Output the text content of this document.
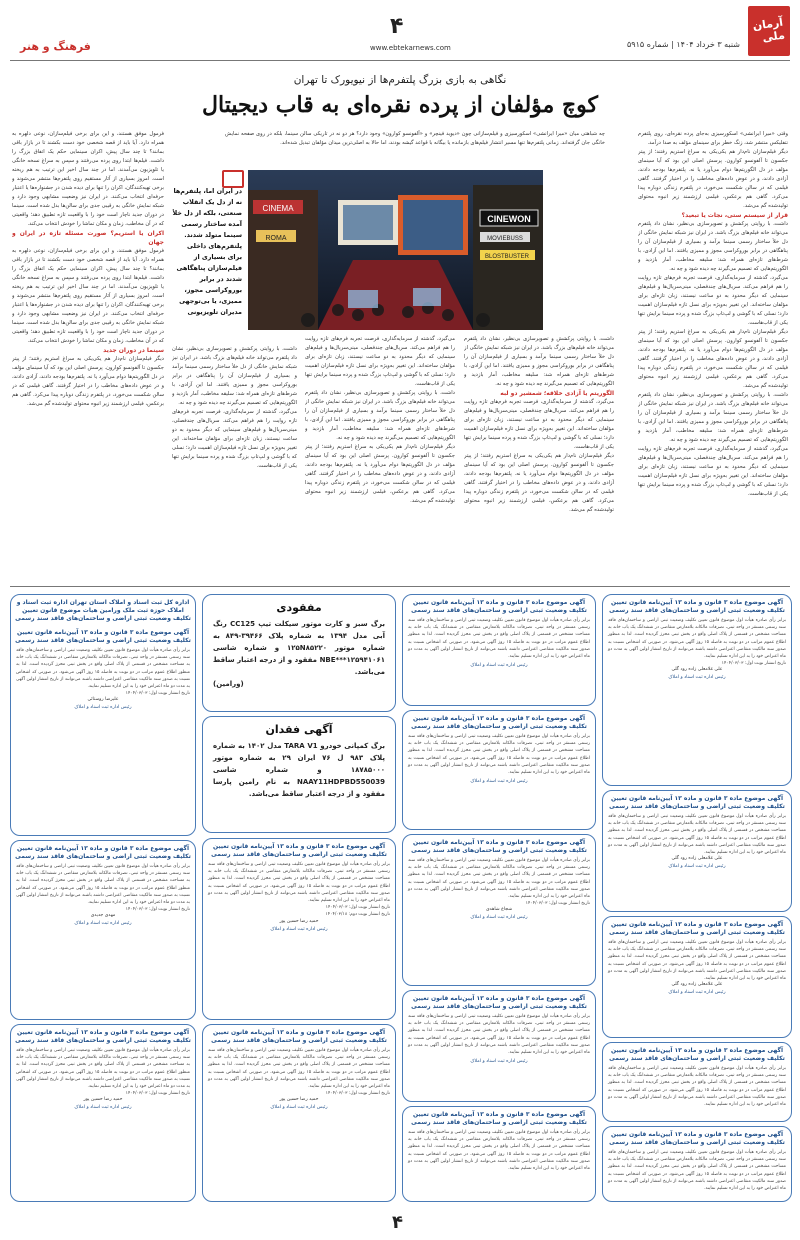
آرمان ملی
شنبه ۳ خرداد ۱۴۰۴ | شماره ۵۹۱۵
۴
www.ebtekarnews.com
فرهنگ و هنر
نگاهی به بازی بزرگ پلتفرم‌ها از نیویورک تا تهران
کوچ مؤلفان از پرده نقره‌ای به قاب دیجیتال
چه شباهتی میان «میرا ایرانشی» اسکورسیزی و فیلم‌سازانی چون «دیوید فینچر» و «آلفونسو کوارون» وجود دارد؟ هر دو نه در تاریکی سالن سینما، بلکه در روی صفحه نمایش خانگی جان گرفته‌اند. زمانی پلتفرم‌ها تنها مسیر انتشار فیلم‌های بازمانده یا بیگانه با قواعد گیشه بودند، اما حالا به اصلی‌ترین میدان مؤلفان تبدیل شده‌اند.
وقتی «میرا ایرانشی» اسکورسیزی به‌جای پرده نقره‌ای، روی پلتفرم نتفلیکس منتشر شد، زنگ خطر برای سینمای مؤلف به صدا درآمد.
دیگر فیلم‌سازان نام‌دار هم یکی‌یکی به سراغ استریم رفتند؛ از پیتر جکسون تا آلفونسو کوارون. پرسش اصلی این بود که آیا سینمای مؤلف در دل الگوریتم‌ها دوام می‌آورد یا نه. پلتفرم‌ها بودجه دادند، آزادی دادند، و در عوض داده‌های مخاطب را در اختیار گرفتند. گاهی فیلمی که در سالن شکست می‌خورد، در پلتفرم زندگی دوباره پیدا می‌کرد. گاهی هم برعکس، فیلمی ارزشمند زیر انبوه محتوای تولیدشده گم می‌شد.
قرار از سیستم ستی، نجات یا تبعید؟
داشت، با روایتی پرکشش و تصویرسازی بی‌نظیر، نشان داد پلتفرم می‌تواند خانه فیلم‌های بزرگ باشد. در ایران نیز شبکه نمایش خانگی از دل خلأ ساختار رسمی سینما برآمد و بسیاری از فیلم‌سازان آن را پناهگاهی در برابر بوروکراسی مجوز و ممیزی یافتند. اما این آزادی، با شرط‌های تازه‌ای همراه شد: سلیقه مخاطب، آمار بازدید و الگوریتم‌هایی که تصمیم می‌گیرند چه دیده شود و چه نه.
می‌گیرد، گذشته از سرمایه‌گذاری، فرصت تجربه فرم‌های تازه روایت را هم فراهم می‌کند. سریال‌های چندفصلی، مینی‌سریال‌ها و فیلم‌های سینمایی که دیگر محدود به دو ساعت نیستند، زبان تازه‌ای برای مؤلفان ساخته‌اند. این تغییر به‌ویژه برای نسل تازه فیلم‌سازان اهمیت دارد؛ نسلی که با گوشی و لپ‌تاپ بزرگ شده و پرده سینما برایش تنها یکی از قاب‌هاست.
دیگر فیلم‌سازان نام‌دار هم یکی‌یکی به سراغ استریم رفتند؛ از پیتر جکسون تا آلفونسو کوارون. پرسش اصلی این بود که آیا سینمای مؤلف در دل الگوریتم‌ها دوام می‌آورد یا نه. پلتفرم‌ها بودجه دادند، آزادی دادند، و در عوض داده‌های مخاطب را در اختیار گرفتند. گاهی فیلمی که در سالن شکست می‌خورد، در پلتفرم زندگی دوباره پیدا می‌کرد. گاهی هم برعکس، فیلمی ارزشمند زیر انبوه محتوای تولیدشده گم می‌شد.
داشت، با روایتی پرکشش و تصویرسازی بی‌نظیر، نشان داد پلتفرم می‌تواند خانه فیلم‌های بزرگ باشد. در ایران نیز شبکه نمایش خانگی از دل خلأ ساختار رسمی سینما برآمد و بسیاری از فیلم‌سازان آن را پناهگاهی در برابر بوروکراسی مجوز و ممیزی یافتند. اما این آزادی، با شرط‌های تازه‌ای همراه شد: سلیقه مخاطب، آمار بازدید و الگوریتم‌هایی که تصمیم می‌گیرند چه دیده شود و چه نه.
می‌گیرد، گذشته از سرمایه‌گذاری، فرصت تجربه فرم‌های تازه روایت را هم فراهم می‌کند. سریال‌های چندفصلی، مینی‌سریال‌ها و فیلم‌های سینمایی که دیگر محدود به دو ساعت نیستند، زبان تازه‌ای برای مؤلفان ساخته‌اند. این تغییر به‌ویژه برای نسل تازه فیلم‌سازان اهمیت دارد؛ نسلی که با گوشی و لپ‌تاپ بزرگ شده و پرده سینما برایش تنها یکی از قاب‌هاست.
CINEWON
MOVIEBUSS
BLOSTBUSTER
CINEMA
ROMA
در ایران اما، پلتفرم‌ها نه از دل یک انقلاب صنعتی، بلکه از دل خلأ آمده ساختار رسمی سینما متولد شدند. پلتفرم‌های داخلی برای بسیاری از فیلم‌سازان پناهگاهی شدند در برابر بوروکراسی مجوز، ممیزی، یا بی‌توجهی مدیران تلویزیونی
داشت، با روایتی پرکشش و تصویرسازی بی‌نظیر، نشان داد پلتفرم می‌تواند خانه فیلم‌های بزرگ باشد. در ایران نیز شبکه نمایش خانگی از دل خلأ ساختار رسمی سینما برآمد و بسیاری از فیلم‌سازان آن را پناهگاهی در برابر بوروکراسی مجوز و ممیزی یافتند. اما این آزادی، با شرط‌های تازه‌ای همراه شد: سلیقه مخاطب، آمار بازدید و الگوریتم‌هایی که تصمیم می‌گیرند چه دیده شود و چه نه.
الگوریتم یا آزادی خلاقه؛ شمشیر دو لبه
می‌گیرد، گذشته از سرمایه‌گذاری، فرصت تجربه فرم‌های تازه روایت را هم فراهم می‌کند. سریال‌های چندفصلی، مینی‌سریال‌ها و فیلم‌های سینمایی که دیگر محدود به دو ساعت نیستند، زبان تازه‌ای برای مؤلفان ساخته‌اند. این تغییر به‌ویژه برای نسل تازه فیلم‌سازان اهمیت دارد؛ نسلی که با گوشی و لپ‌تاپ بزرگ شده و پرده سینما برایش تنها یکی از قاب‌هاست.
دیگر فیلم‌سازان نام‌دار هم یکی‌یکی به سراغ استریم رفتند؛ از پیتر جکسون تا آلفونسو کوارون. پرسش اصلی این بود که آیا سینمای مؤلف در دل الگوریتم‌ها دوام می‌آورد یا نه. پلتفرم‌ها بودجه دادند، آزادی دادند، و در عوض داده‌های مخاطب را در اختیار گرفتند. گاهی فیلمی که در سالن شکست می‌خورد، در پلتفرم زندگی دوباره پیدا می‌کرد. گاهی هم برعکس، فیلمی ارزشمند زیر انبوه محتوای تولیدشده گم می‌شد.
می‌گیرد، گذشته از سرمایه‌گذاری، فرصت تجربه فرم‌های تازه روایت را هم فراهم می‌کند. سریال‌های چندفصلی، مینی‌سریال‌ها و فیلم‌های سینمایی که دیگر محدود به دو ساعت نیستند، زبان تازه‌ای برای مؤلفان ساخته‌اند. این تغییر به‌ویژه برای نسل تازه فیلم‌سازان اهمیت دارد؛ نسلی که با گوشی و لپ‌تاپ بزرگ شده و پرده سینما برایش تنها یکی از قاب‌هاست.
داشت، با روایتی پرکشش و تصویرسازی بی‌نظیر، نشان داد پلتفرم می‌تواند خانه فیلم‌های بزرگ باشد. در ایران نیز شبکه نمایش خانگی از دل خلأ ساختار رسمی سینما برآمد و بسیاری از فیلم‌سازان آن را پناهگاهی در برابر بوروکراسی مجوز و ممیزی یافتند. اما این آزادی، با شرط‌های تازه‌ای همراه شد: سلیقه مخاطب، آمار بازدید و الگوریتم‌هایی که تصمیم می‌گیرند چه دیده شود و چه نه.
دیگر فیلم‌سازان نام‌دار هم یکی‌یکی به سراغ استریم رفتند؛ از پیتر جکسون تا آلفونسو کوارون. پرسش اصلی این بود که آیا سینمای مؤلف در دل الگوریتم‌ها دوام می‌آورد یا نه. پلتفرم‌ها بودجه دادند، آزادی دادند، و در عوض داده‌های مخاطب را در اختیار گرفتند. گاهی فیلمی که در سالن شکست می‌خورد، در پلتفرم زندگی دوباره پیدا می‌کرد. گاهی هم برعکس، فیلمی ارزشمند زیر انبوه محتوای تولیدشده گم می‌شد.
داشت، با روایتی پرکشش و تصویرسازی بی‌نظیر، نشان داد پلتفرم می‌تواند خانه فیلم‌های بزرگ باشد. در ایران نیز شبکه نمایش خانگی از دل خلأ ساختار رسمی سینما برآمد و بسیاری از فیلم‌سازان آن را پناهگاهی در برابر بوروکراسی مجوز و ممیزی یافتند. اما این آزادی، با شرط‌های تازه‌ای همراه شد: سلیقه مخاطب، آمار بازدید و الگوریتم‌هایی که تصمیم می‌گیرند چه دیده شود و چه نه.
می‌گیرد، گذشته از سرمایه‌گذاری، فرصت تجربه فرم‌های تازه روایت را هم فراهم می‌کند. سریال‌های چندفصلی، مینی‌سریال‌ها و فیلم‌های سینمایی که دیگر محدود به دو ساعت نیستند، زبان تازه‌ای برای مؤلفان ساخته‌اند. این تغییر به‌ویژه برای نسل تازه فیلم‌سازان اهمیت دارد؛ نسلی که با گوشی و لپ‌تاپ بزرگ شده و پرده سینما برایش تنها یکی از قاب‌هاست.
فرمول موفق هستند، و این برای برخی فیلم‌سازان، نوعی دلهره به همراه دارد. آیا باید از قصه شخصی خود دست بکشند تا در بازار باقی بمانند؟ تا چند سال پیش، اکران سینمایی حکم یک اتفاق بزرگ را داشت. فیلم‌ها ابتدا روی پرده می‌رفتند و سپس به سراغ نسخه خانگی یا تلویزیون می‌آمدند. اما در چند سال اخیر این ترتیب به هم ریخته است. امروز بسیاری از آثار مستقیم روی پلتفرم‌ها منتشر می‌شوند و برخی تهیه‌کنندگان، اکران را تنها برای دیده شدن در جشنواره‌ها یا اعتبار حرفه‌ای انتخاب می‌کنند. در ایران نیز وضعیت مشابهی وجود دارد و شبکه نمایش خانگی به رقیبی جدی برای سالن‌ها بدل شده است. سینما در دوران جدید ناچار است خود را با واقعیت تازه تطبیق دهد؛ واقعیتی که در آن مخاطب، زمان و مکان تماشا را خودش انتخاب می‌کند.
اکران یا استریم؟ صورت مسئله تازه در ایران و جهان
فرمول موفق هستند، و این برای برخی فیلم‌سازان، نوعی دلهره به همراه دارد. آیا باید از قصه شخصی خود دست بکشند تا در بازار باقی بمانند؟ تا چند سال پیش، اکران سینمایی حکم یک اتفاق بزرگ را داشت. فیلم‌ها ابتدا روی پرده می‌رفتند و سپس به سراغ نسخه خانگی یا تلویزیون می‌آمدند. اما در چند سال اخیر این ترتیب به هم ریخته است. امروز بسیاری از آثار مستقیم روی پلتفرم‌ها منتشر می‌شوند و برخی تهیه‌کنندگان، اکران را تنها برای دیده شدن در جشنواره‌ها یا اعتبار حرفه‌ای انتخاب می‌کنند. در ایران نیز وضعیت مشابهی وجود دارد و شبکه نمایش خانگی به رقیبی جدی برای سالن‌ها بدل شده است. سینما در دوران جدید ناچار است خود را با واقعیت تازه تطبیق دهد؛ واقعیتی که در آن مخاطب، زمان و مکان تماشا را خودش انتخاب می‌کند.
سینما در دوران جدید
دیگر فیلم‌سازان نام‌دار هم یکی‌یکی به سراغ استریم رفتند؛ از پیتر جکسون تا آلفونسو کوارون. پرسش اصلی این بود که آیا سینمای مؤلف در دل الگوریتم‌ها دوام می‌آورد یا نه. پلتفرم‌ها بودجه دادند، آزادی دادند، و در عوض داده‌های مخاطب را در اختیار گرفتند. گاهی فیلمی که در سالن شکست می‌خورد، در پلتفرم زندگی دوباره پیدا می‌کرد. گاهی هم برعکس، فیلمی ارزشمند زیر انبوه محتوای تولیدشده گم می‌شد.
آگهی موضوع ماده ۳ قانون و ماده ۱۳ آیین‌نامه قانون تعیین تکلیف وضعیت ثبتی اراضی و ساختمان‌های فاقد سند رسمی
برابر رأی صادره هیأت اول موضوع قانون تعیین تکلیف وضعیت ثبتی اراضی و ساختمان‌های فاقد سند رسمی مستقر در واحد ثبتی، تصرفات مالکانه بلامعارض متقاضی در ششدانگ یک باب خانه به مساحت مشخص در قسمتی از پلاک اصلی واقع در بخش ثبتی محرز گردیده است. لذا به منظور اطلاع عموم مراتب در دو نوبت به فاصله ۱۵ روز آگهی می‌شود. در صورتی که اشخاص نسبت به صدور سند مالکیت متقاضی اعتراضی داشته باشند می‌توانند از تاریخ انتشار اولین آگهی به مدت دو ماه اعتراض خود را به این اداره تسلیم نمایند.
تاریخ انتشار نوبت اول: ۱۴۰۴/۰۳/۰۳
علی غلامعلی زاده رود گلی
رئیس اداره ثبت اسناد و املاک
آگهی موضوع ماده ۳ قانون و ماده ۱۳ آیین‌نامه قانون تعیین تکلیف وضعیت ثبتی اراضی و ساختمان‌های فاقد سند رسمی
برابر رأی صادره هیأت اول موضوع قانون تعیین تکلیف وضعیت ثبتی اراضی و ساختمان‌های فاقد سند رسمی مستقر در واحد ثبتی، تصرفات مالکانه بلامعارض متقاضی در ششدانگ یک باب خانه به مساحت مشخص در قسمتی از پلاک اصلی واقع در بخش ثبتی محرز گردیده است. لذا به منظور اطلاع عموم مراتب در دو نوبت به فاصله ۱۵ روز آگهی می‌شود. در صورتی که اشخاص نسبت به صدور سند مالکیت متقاضی اعتراضی داشته باشند می‌توانند از تاریخ انتشار اولین آگهی به مدت دو ماه اعتراض خود را به این اداره تسلیم نمایند.
رئیس اداره ثبت اسناد و املاک
آگهی موضوع ماده ۳ قانون و ماده ۱۳ آیین‌نامه قانون تعیین تکلیف وضعیت ثبتی اراضی و ساختمان‌های فاقد سند رسمی
برابر رأی صادره هیأت اول موضوع قانون تعیین تکلیف وضعیت ثبتی اراضی و ساختمان‌های فاقد سند رسمی مستقر در واحد ثبتی، تصرفات مالکانه بلامعارض متقاضی در ششدانگ یک باب خانه به مساحت مشخص در قسمتی از پلاک اصلی واقع در بخش ثبتی محرز گردیده است. لذا به منظور اطلاع عموم مراتب در دو نوبت به فاصله ۱۵ روز آگهی می‌شود. در صورتی که اشخاص نسبت به صدور سند مالکیت متقاضی اعتراضی داشته باشند می‌توانند از تاریخ انتشار اولین آگهی به مدت دو ماه اعتراض خود را به این اداره تسلیم نمایند.
رئیس اداره ثبت اسناد و املاک
مفقودی
برگ سبز و کارت موتور سیکلت تیپ CC125 رنگ آبی مدل ۱۳۹۴ به شماره پلاک ۳۹۴۶۶-۸۴۹ به شماره موتور ۱۲۵N۸۵۲۲۰ و شماره شاسی NBE***۱۲۵۹۴۱۰۶۱ مفقود و از درجه اعتبار ساقط می‌باشد.
(ورامین)
آگهی فقدان
برگ کمپانی خودرو TARA V1 مدل ۱۴۰۲ به شماره پلاک ۹۸۳ ل ۷۶ ایران ۲۹ به شماره موتور ۱۸۷۸۵۰۰۰ و شماره شاسی NAAY11HDPBD550039 به نام رامین پارسا مفقود و از درجه اعتبار ساقط می‌باشد.
اداره کل ثبت اسناد و املاک استان تهران اداره ثبت اسناد و املاک حوزه ثبت ملک ورامین هیات موضوع قانون تعیین تکلیف وضعیت ثبتی اراضی و ساختمان‌های فاقد سند رسمی
آگهی موضوع ماده ۳ قانون و ماده ۱۳ آیین‌نامه قانون تعیین تکلیف وضعیت ثبتی اراضی و ساختمان‌های فاقد سند رسمی
برابر رأی صادره هیأت اول موضوع قانون تعیین تکلیف وضعیت ثبتی اراضی و ساختمان‌های فاقد سند رسمی مستقر در واحد ثبتی، تصرفات مالکانه بلامعارض متقاضی در ششدانگ یک باب خانه به مساحت مشخص در قسمتی از پلاک اصلی واقع در بخش ثبتی محرز گردیده است. لذا به منظور اطلاع عموم مراتب در دو نوبت به فاصله ۱۵ روز آگهی می‌شود. در صورتی که اشخاص نسبت به صدور سند مالکیت متقاضی اعتراضی داشته باشند می‌توانند از تاریخ انتشار اولین آگهی به مدت دو ماه اعتراض خود را به این اداره تسلیم نمایند.
تاریخ انتشار نوبت اول: ۱۴۰۴/۰۳/۰۳
علیرضا روستائی
رئیس اداره ثبت اسناد و املاک
آگهی موضوع ماده ۳ قانون و ماده ۱۳ آیین‌نامه قانون تعیین تکلیف وضعیت ثبتی اراضی و ساختمان‌های فاقد سند رسمی
برابر رأی صادره هیأت اول موضوع قانون تعیین تکلیف وضعیت ثبتی اراضی و ساختمان‌های فاقد سند رسمی مستقر در واحد ثبتی، تصرفات مالکانه بلامعارض متقاضی در ششدانگ یک باب خانه به مساحت مشخص در قسمتی از پلاک اصلی واقع در بخش ثبتی محرز گردیده است. لذا به منظور اطلاع عموم مراتب در دو نوبت به فاصله ۱۵ روز آگهی می‌شود. در صورتی که اشخاص نسبت به صدور سند مالکیت متقاضی اعتراضی داشته باشند می‌توانند از تاریخ انتشار اولین آگهی به مدت دو ماه اعتراض خود را به این اداره تسلیم نمایند.
علی غلامعلی زاده رود گلی
رئیس اداره ثبت اسناد و املاک
آگهی موضوع ماده ۳ قانون و ماده ۱۳ آیین‌نامه قانون تعیین تکلیف وضعیت ثبتی اراضی و ساختمان‌های فاقد سند رسمی
برابر رأی صادره هیأت اول موضوع قانون تعیین تکلیف وضعیت ثبتی اراضی و ساختمان‌های فاقد سند رسمی مستقر در واحد ثبتی، تصرفات مالکانه بلامعارض متقاضی در ششدانگ یک باب خانه به مساحت مشخص در قسمتی از پلاک اصلی واقع در بخش ثبتی محرز گردیده است. لذا به منظور اطلاع عموم مراتب در دو نوبت به فاصله ۱۵ روز آگهی می‌شود. در صورتی که اشخاص نسبت به صدور سند مالکیت متقاضی اعتراضی داشته باشند می‌توانند از تاریخ انتشار اولین آگهی به مدت دو ماه اعتراض خود را به این اداره تسلیم نمایند.
تاریخ انتشار نوبت اول: ۱۴۰۴/۰۳/۰۳
شجاع شاهدی
رئیس اداره ثبت اسناد و املاک
آگهی موضوع ماده ۳ قانون و ماده ۱۳ آیین‌نامه قانون تعیین تکلیف وضعیت ثبتی اراضی و ساختمان‌های فاقد سند رسمی
برابر رأی صادره هیأت اول موضوع قانون تعیین تکلیف وضعیت ثبتی اراضی و ساختمان‌های فاقد سند رسمی مستقر در واحد ثبتی، تصرفات مالکانه بلامعارض متقاضی در ششدانگ یک باب خانه به مساحت مشخص در قسمتی از پلاک اصلی واقع در بخش ثبتی محرز گردیده است. لذا به منظور اطلاع عموم مراتب در دو نوبت به فاصله ۱۵ روز آگهی می‌شود. در صورتی که اشخاص نسبت به صدور سند مالکیت متقاضی اعتراضی داشته باشند می‌توانند از تاریخ انتشار اولین آگهی به مدت دو ماه اعتراض خود را به این اداره تسلیم نمایند.
تاریخ انتشار نوبت اول: ۱۴۰۴/۰۳/۰۳
تاریخ انتشار نوبت دوم: ۱۴۰۴/۰۳/۱۸
حمید رضا حسین پور
رئیس اداره ثبت اسناد و املاک
آگهی موضوع ماده ۳ قانون و ماده ۱۳ آیین‌نامه قانون تعیین تکلیف وضعیت ثبتی اراضی و ساختمان‌های فاقد سند رسمی
برابر رأی صادره هیأت اول موضوع قانون تعیین تکلیف وضعیت ثبتی اراضی و ساختمان‌های فاقد سند رسمی مستقر در واحد ثبتی، تصرفات مالکانه بلامعارض متقاضی در ششدانگ یک باب خانه به مساحت مشخص در قسمتی از پلاک اصلی واقع در بخش ثبتی محرز گردیده است. لذا به منظور اطلاع عموم مراتب در دو نوبت به فاصله ۱۵ روز آگهی می‌شود. در صورتی که اشخاص نسبت به صدور سند مالکیت متقاضی اعتراضی داشته باشند می‌توانند از تاریخ انتشار اولین آگهی به مدت دو ماه اعتراض خود را به این اداره تسلیم نمایند.
تاریخ انتشار نوبت اول: ۱۴۰۴/۰۳/۰۳
مهدی جدیدی
رئیس اداره ثبت اسناد و املاک	آگهی موضوع ماده ۳ قانون و ماده ۱۳ آیین‌نامه قانون تعیین تکلیف وضعیت ثبتی اراضی و ساختمان‌های فاقد سند رسمی
برابر رأی صادره هیأت اول موضوع قانون تعیین تکلیف وضعیت ثبتی اراضی و ساختمان‌های فاقد سند رسمی مستقر در واحد ثبتی، تصرفات مالکانه بلامعارض متقاضی در ششدانگ یک باب خانه به مساحت مشخص در قسمتی از پلاک اصلی واقع در بخش ثبتی محرز گردیده است. لذا به منظور اطلاع عموم مراتب در دو نوبت به فاصله ۱۵ روز آگهی می‌شود. در صورتی که اشخاص نسبت به صدور سند مالکیت متقاضی اعتراضی داشته باشند می‌توانند از تاریخ انتشار اولین آگهی به مدت دو ماه اعتراض خود را به این اداره تسلیم نمایند.
علی غلامعلی زاده رود گلی
رئیس اداره ثبت اسناد و املاک
آگهی موضوع ماده ۳ قانون و ماده ۱۳ آیین‌نامه قانون تعیین تکلیف وضعیت ثبتی اراضی و ساختمان‌های فاقد سند رسمی
برابر رأی صادره هیأت اول موضوع قانون تعیین تکلیف وضعیت ثبتی اراضی و ساختمان‌های فاقد سند رسمی مستقر در واحد ثبتی، تصرفات مالکانه بلامعارض متقاضی در ششدانگ یک باب خانه به مساحت مشخص در قسمتی از پلاک اصلی واقع در بخش ثبتی محرز گردیده است. لذا به منظور اطلاع عموم مراتب در دو نوبت به فاصله ۱۵ روز آگهی می‌شود. در صورتی که اشخاص نسبت به صدور سند مالکیت متقاضی اعتراضی داشته باشند می‌توانند از تاریخ انتشار اولین آگهی به مدت دو ماه اعتراض خود را به این اداره تسلیم نمایند.
رئیس اداره ثبت اسناد و املاک
آگهی موضوع ماده ۳ قانون و ماده ۱۳ آیین‌نامه قانون تعیین تکلیف وضعیت ثبتی اراضی و ساختمان‌های فاقد سند رسمی
برابر رأی صادره هیأت اول موضوع قانون تعیین تکلیف وضعیت ثبتی اراضی و ساختمان‌های فاقد سند رسمی مستقر در واحد ثبتی، تصرفات مالکانه بلامعارض متقاضی در ششدانگ یک باب خانه به مساحت مشخص در قسمتی از پلاک اصلی واقع در بخش ثبتی محرز گردیده است. لذا به منظور اطلاع عموم مراتب در دو نوبت به فاصله ۱۵ روز آگهی می‌شود. در صورتی که اشخاص نسبت به صدور سند مالکیت متقاضی اعتراضی داشته باشند می‌توانند از تاریخ انتشار اولین آگهی به مدت دو ماه اعتراض خود را به این اداره تسلیم نمایند.
تاریخ انتشار نوبت اول: ۱۴۰۴/۰۳/۰۳
حمید رضا حسین پور
رئیس اداره ثبت اسناد و املاک
آگهی موضوع ماده ۳ قانون و ماده ۱۳ آیین‌نامه قانون تعیین تکلیف وضعیت ثبتی اراضی و ساختمان‌های فاقد سند رسمی
برابر رأی صادره هیأت اول موضوع قانون تعیین تکلیف وضعیت ثبتی اراضی و ساختمان‌های فاقد سند رسمی مستقر در واحد ثبتی، تصرفات مالکانه بلامعارض متقاضی در ششدانگ یک باب خانه به مساحت مشخص در قسمتی از پلاک اصلی واقع در بخش ثبتی محرز گردیده است. لذا به منظور اطلاع عموم مراتب در دو نوبت به فاصله ۱۵ روز آگهی می‌شود. در صورتی که اشخاص نسبت به صدور سند مالکیت متقاضی اعتراضی داشته باشند می‌توانند از تاریخ انتشار اولین آگهی به مدت دو ماه اعتراض خود را به این اداره تسلیم نمایند.
تاریخ انتشار نوبت اول: ۱۴۰۴/۰۳/۰۳
حمید رضا حسین پور
رئیس اداره ثبت اسناد و املاک
آگهی موضوع ماده ۳ قانون و ماده ۱۳ آیین‌نامه قانون تعیین تکلیف وضعیت ثبتی اراضی و ساختمان‌های فاقد سند رسمی
برابر رأی صادره هیأت اول موضوع قانون تعیین تکلیف وضعیت ثبتی اراضی و ساختمان‌های فاقد سند رسمی مستقر در واحد ثبتی، تصرفات مالکانه بلامعارض متقاضی در ششدانگ یک باب خانه به مساحت مشخص در قسمتی از پلاک اصلی واقع در بخش ثبتی محرز گردیده است. لذا به منظور اطلاع عموم مراتب در دو نوبت به فاصله ۱۵ روز آگهی می‌شود. در صورتی که اشخاص نسبت به صدور سند مالکیت متقاضی اعتراضی داشته باشند می‌توانند از تاریخ انتشار اولین آگهی به مدت دو ماه اعتراض خود را به این اداره تسلیم نمایند.
آگهی موضوع ماده ۳ قانون و ماده ۱۳ آیین‌نامه قانون تعیین تکلیف وضعیت ثبتی اراضی و ساختمان‌های فاقد سند رسمی
برابر رأی صادره هیأت اول موضوع قانون تعیین تکلیف وضعیت ثبتی اراضی و ساختمان‌های فاقد سند رسمی مستقر در واحد ثبتی، تصرفات مالکانه بلامعارض متقاضی در ششدانگ یک باب خانه به مساحت مشخص در قسمتی از پلاک اصلی واقع در بخش ثبتی محرز گردیده است. لذا به منظور اطلاع عموم مراتب در دو نوبت به فاصله ۱۵ روز آگهی می‌شود. در صورتی که اشخاص نسبت به صدور سند مالکیت متقاضی اعتراضی داشته باشند می‌توانند از تاریخ انتشار اولین آگهی به مدت دو ماه اعتراض خود را به این اداره تسلیم نمایند.
آگهی موضوع ماده ۳ قانون و ماده ۱۳ آیین‌نامه قانون تعیین تکلیف وضعیت ثبتی اراضی و ساختمان‌های فاقد سند رسمی
برابر رأی صادره هیأت اول موضوع قانون تعیین تکلیف وضعیت ثبتی اراضی و ساختمان‌های فاقد سند رسمی مستقر در واحد ثبتی، تصرفات مالکانه بلامعارض متقاضی در ششدانگ یک باب خانه به مساحت مشخص در قسمتی از پلاک اصلی واقع در بخش ثبتی محرز گردیده است. لذا به منظور اطلاع عموم مراتب در دو نوبت به فاصله ۱۵ روز آگهی می‌شود. در صورتی که اشخاص نسبت به صدور سند مالکیت متقاضی اعتراضی داشته باشند می‌توانند از تاریخ انتشار اولین آگهی به مدت دو ماه اعتراض خود را به این اداره تسلیم نمایند.
۴
